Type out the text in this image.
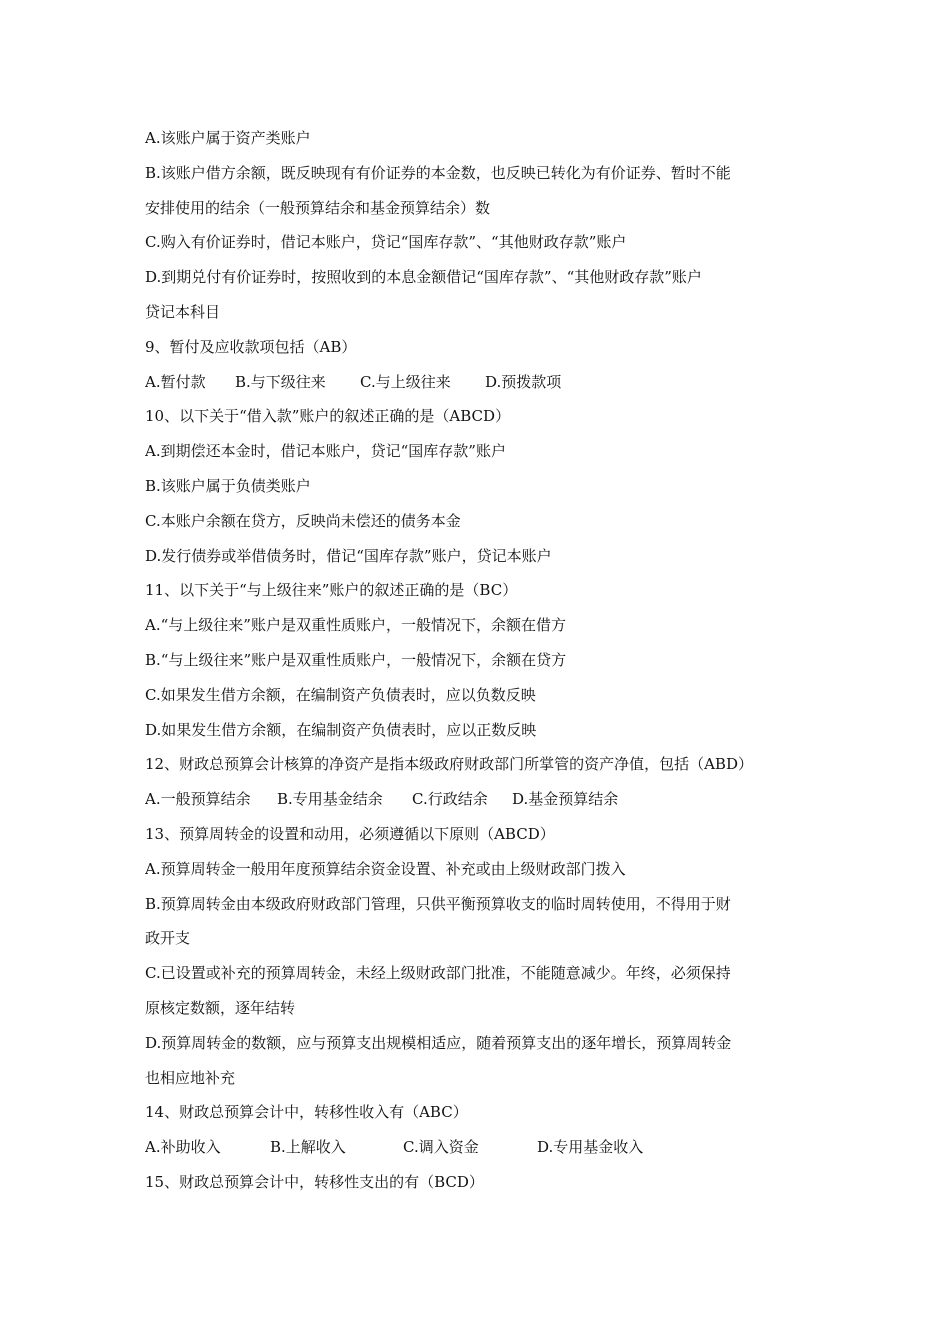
A.该账户属于资产类账户
B.该账户借方余额，既反映现有有价证券的本金数，也反映已转化为有价证券、暂时不能
安排使用的结余（一般预算结余和基金预算结余）数
C.购入有价证券时，借记本账户，贷记“国库存款”、“其他财政存款”账户
D.到期兑付有价证券时，按照收到的本息金额借记“国库存款”、“其他财政存款”账户
贷记本科目
9、暂付及应收款项包括（AB）
A.暂付款	B.与下级往来	C.与上级往来	D.预拨款项
10、以下关于“借入款”账户的叙述正确的是（ABCD）
A.到期偿还本金时，借记本账户，贷记“国库存款”账户
B.该账户属于负债类账户
C.本账户余额在贷方，反映尚未偿还的债务本金
D.发行债券或举借债务时，借记“国库存款”账户，贷记本账户
11、以下关于“与上级往来”账户的叙述正确的是（BC）
A.“与上级往来”账户是双重性质账户，一般情况下，余额在借方
B.“与上级往来”账户是双重性质账户，一般情况下，余额在贷方
C.如果发生借方余额，在编制资产负债表时，应以负数反映
D.如果发生借方余额，在编制资产负债表时，应以正数反映
12、财政总预算会计核算的净资产是指本级政府财政部门所掌管的资产净值，包括（ABD）
A.一般预算结余	B.专用基金结余	C.行政结余	D.基金预算结余
13、预算周转金的设置和动用，必须遵循以下原则（ABCD）
A.预算周转金一般用年度预算结余资金设置、补充或由上级财政部门拨入
B.预算周转金由本级政府财政部门管理，只供平衡预算收支的临时周转使用，不得用于财
政开支
C.已设置或补充的预算周转金，未经上级财政部门批准，不能随意减少。年终，必须保持
原核定数额，逐年结转
D.预算周转金的数额，应与预算支出规模相适应，随着预算支出的逐年增长，预算周转金
也相应地补充
14、财政总预算会计中，转移性收入有（ABC）
A.补助收入	B.上解收入	C.调入资金	D.专用基金收入
15、财政总预算会计中，转移性支出的有（BCD）
